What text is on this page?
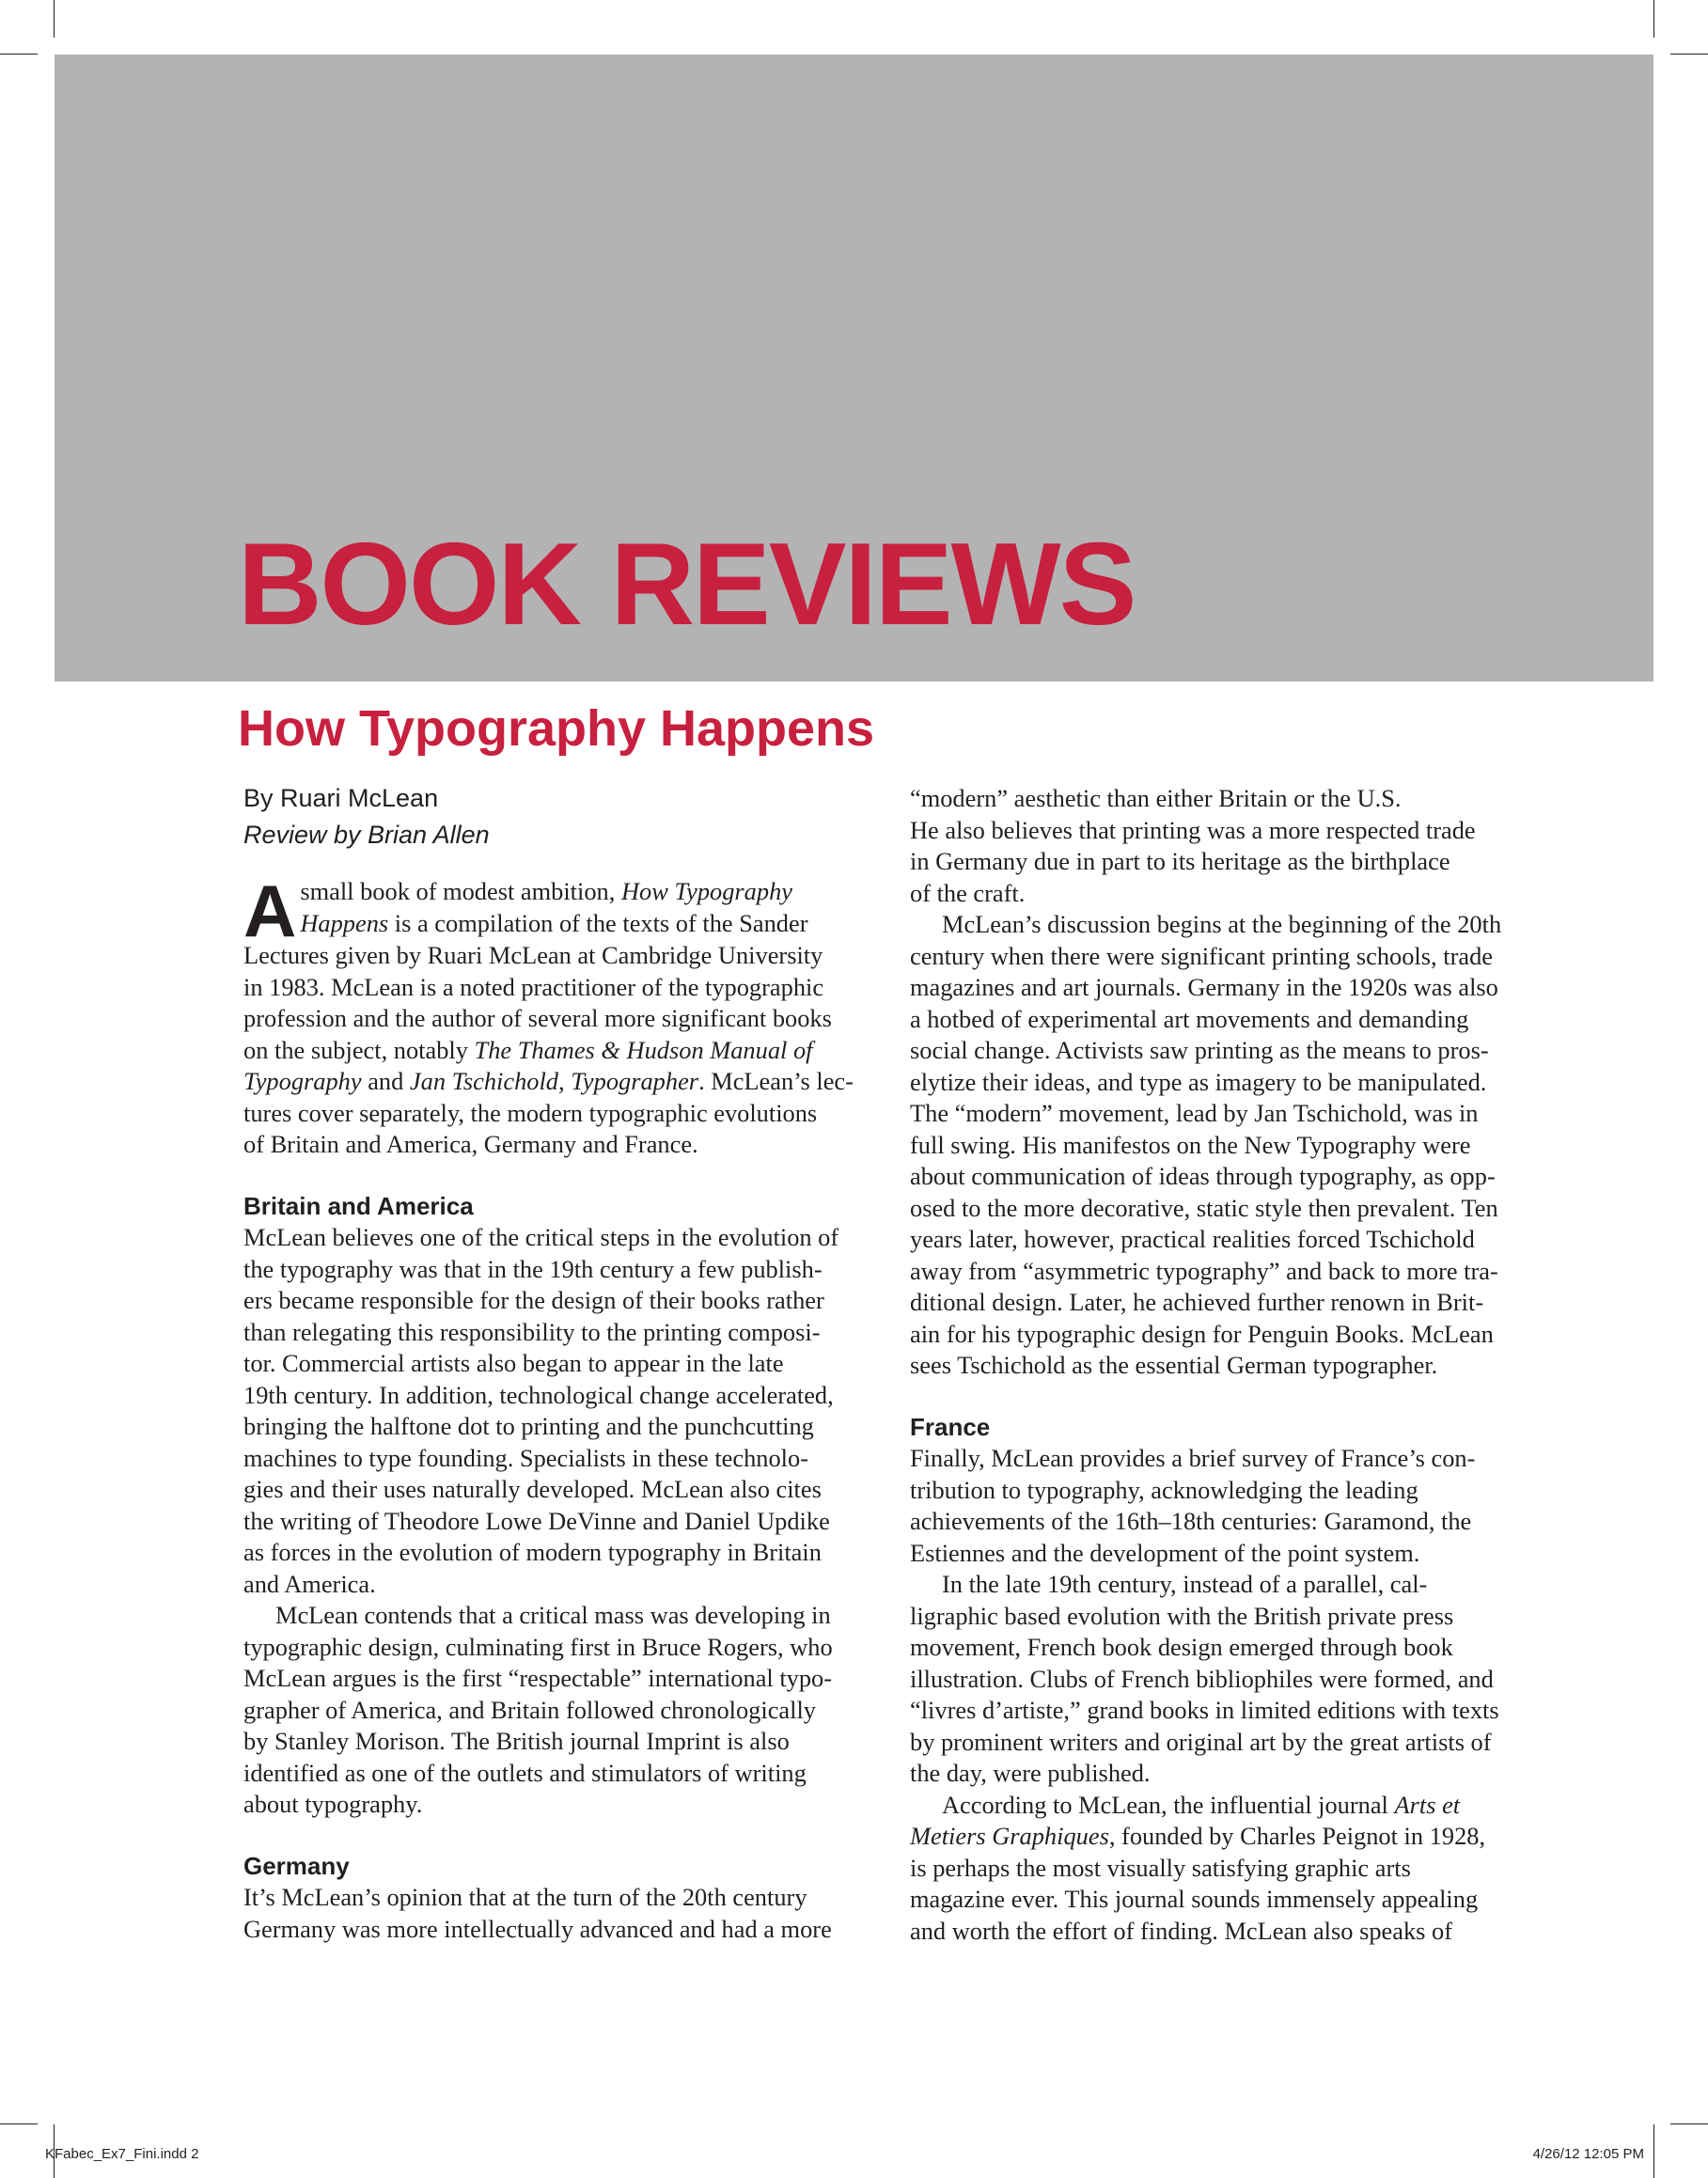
BOOK REVIEWS
How Typography Happens
By Ruari McLean
Review by Brian Allen
A small book of modest ambition, How Typography
Happens is a compilation of the texts of the Sander
Lectures given by Ruari McLean at Cambridge University
in 1983. McLean is a noted practitioner of the typographic
profession and the author of several more significant books
on the subject, notably The Thames & Hudson Manual of
Typography and Jan Tschichold, Typographer. McLean’s lec-
tures cover separately, the modern typographic evolutions
of Britain and America, Germany and France.
Britain and America
McLean believes one of the critical steps in the evolution of
the typography was that in the 19th century a few publish-
ers became responsible for the design of their books rather
than relegating this responsibility to the printing composi-
tor. Commercial artists also began to appear in the late
19th century. In addition, technological change accelerated,
bringing the halftone dot to printing and the punchcutting
machines to type founding. Specialists in these technolo-
gies and their uses naturally developed. McLean also cites
the writing of Theodore Lowe DeVinne and Daniel Updike
as forces in the evolution of modern typography in Britain
and America.
McLean contends that a critical mass was developing in
typographic design, culminating first in Bruce Rogers, who
McLean argues is the first “respectable” international typo-
grapher of America, and Britain followed chronologically
by Stanley Morison. The British journal Imprint is also
identified as one of the outlets and stimulators of writing
about typography.
Germany
It’s McLean’s opinion that at the turn of the 20th century
Germany was more intellectually advanced and had a more
“modern” aesthetic than either Britain or the U.S.
He also believes that printing was a more respected trade
in Germany due in part to its heritage as the birthplace
of the craft.
McLean’s discussion begins at the beginning of the 20th
century when there were significant printing schools, trade
magazines and art journals. Germany in the 1920s was also
a hotbed of experimental art movements and demanding
social change. Activists saw printing as the means to pros-
elytize their ideas, and type as imagery to be manipulated.
The “modern” movement, lead by Jan Tschichold, was in
full swing. His manifestos on the New Typography were
about communication of ideas through typography, as opp-
osed to the more decorative, static style then prevalent. Ten
years later, however, practical realities forced Tschichold
away from “asymmetric typography” and back to more tra-
ditional design. Later, he achieved further renown in Brit-
ain for his typographic design for Penguin Books. McLean
sees Tschichold as the essential German typographer.
France
Finally, McLean provides a brief survey of France’s con-
tribution to typography, acknowledging the leading
achievements of the 16th–18th centuries: Garamond, the
Estiennes and the development of the point system.
In the late 19th century, instead of a parallel, cal-
ligraphic based evolution with the British private press
movement, French book design emerged through book
illustration. Clubs of French bibliophiles were formed, and
“livres d’artiste,” grand books in limited editions with texts
by prominent writers and original art by the great artists of
the day, were published.
According to McLean, the influential journal Arts et
Metiers Graphiques, founded by Charles Peignot in 1928,
is perhaps the most visually satisfying graphic arts
magazine ever. This journal sounds immensely appealing
and worth the effort of finding. McLean also speaks of
KFabec_Ex7_Fini.indd 2	4/26/12 12:05 PM
